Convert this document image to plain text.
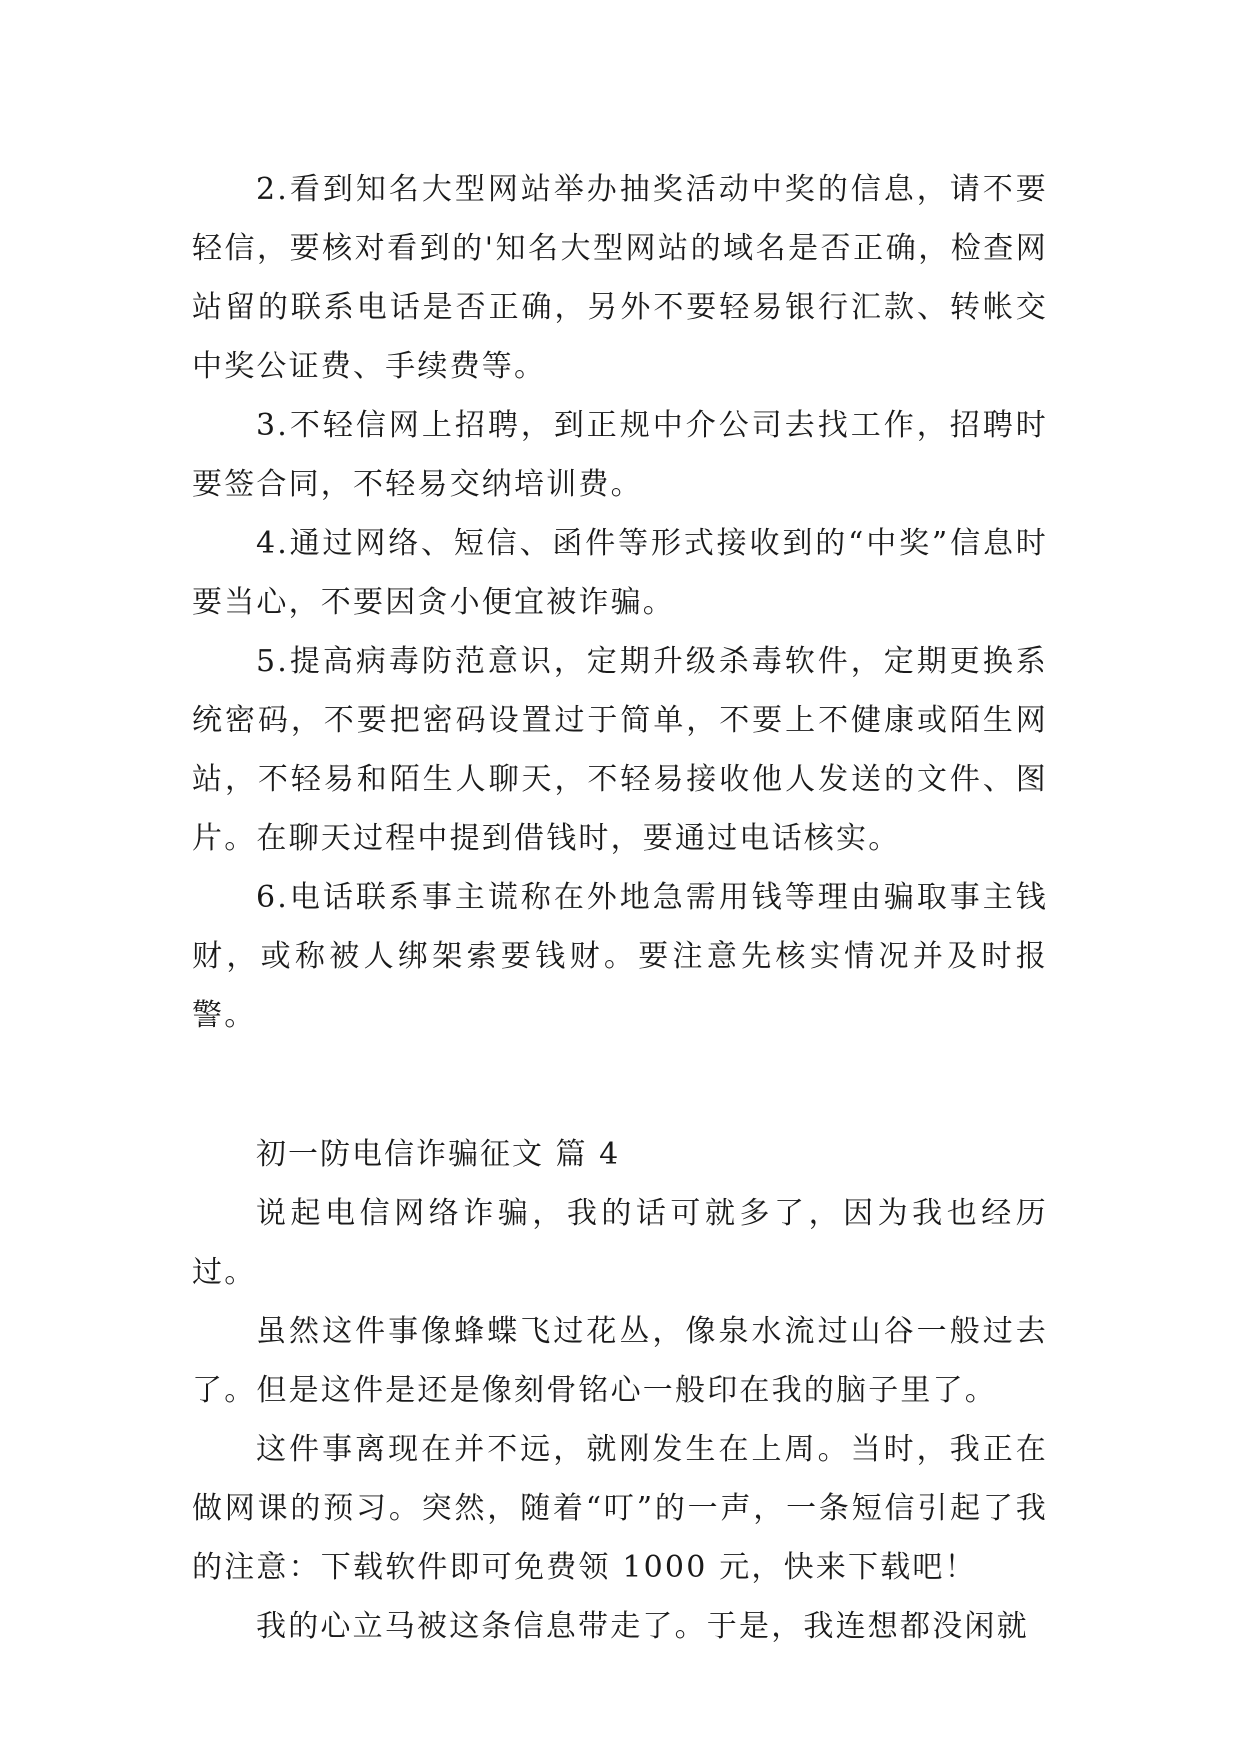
2.看到知名大型网站举办抽奖活动中奖的信息，请不要轻信，要核对看到的'知名大型网站的域名是否正确，检查网站留的联系电话是否正确，另外不要轻易银行汇款、转帐交中奖公证费、手续费等。

3.不轻信网上招聘，到正规中介公司去找工作，招聘时要签合同，不轻易交纳培训费。

4.通过网络、短信、函件等形式接收到的“中奖”信息时要当心，不要因贪小便宜被诈骗。

5.提高病毒防范意识，定期升级杀毒软件，定期更换系统密码，不要把密码设置过于简单，不要上不健康或陌生网站，不轻易和陌生人聊天，不轻易接收他人发送的文件、图片。在聊天过程中提到借钱时，要通过电话核实。

6.电话联系事主谎称在外地急需用钱等理由骗取事主钱财，或称被人绑架索要钱财。要注意先核实情况并及时报警。

初一防电信诈骗征文 篇 4

说起电信网络诈骗，我的话可就多了，因为我也经历过。

虽然这件事像蜂蝶飞过花丛，像泉水流过山谷一般过去了。但是这件是还是像刻骨铭心一般印在我的脑子里了。

这件事离现在并不远，就刚发生在上周。当时，我正在做网课的预习。突然，随着“叮”的一声，一条短信引起了我的注意：下载软件即可免费领 1000 元，快来下载吧！

我的心立马被这条信息带走了。于是，我连想都没闲就
